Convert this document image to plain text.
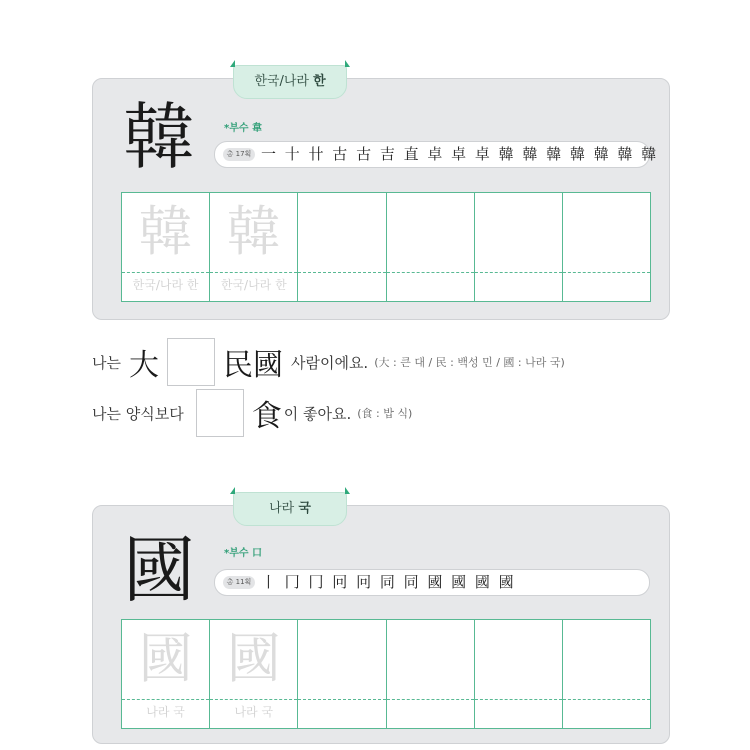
한국/나라 한
韓	*부수 韋
총 17획 一 十 卄 古 古 吉 直 卓 卓 卓 韓 韓 韓 韓 韓 韓 韓
韓
한국/나라 한
韓
한국/나라 한
나는 大 民國 사람이에요. (大 : 큰 대 / 民 : 백성 민 / 國 : 나라 국)
나는 양식보다 食 이 좋아요. (食 : 밥 식)
나라 국
國	*부수 口
총 11획 丨 冂 冂 冋 冋 同 同 國 國 國 國
國
나라 국
國
나라 국
